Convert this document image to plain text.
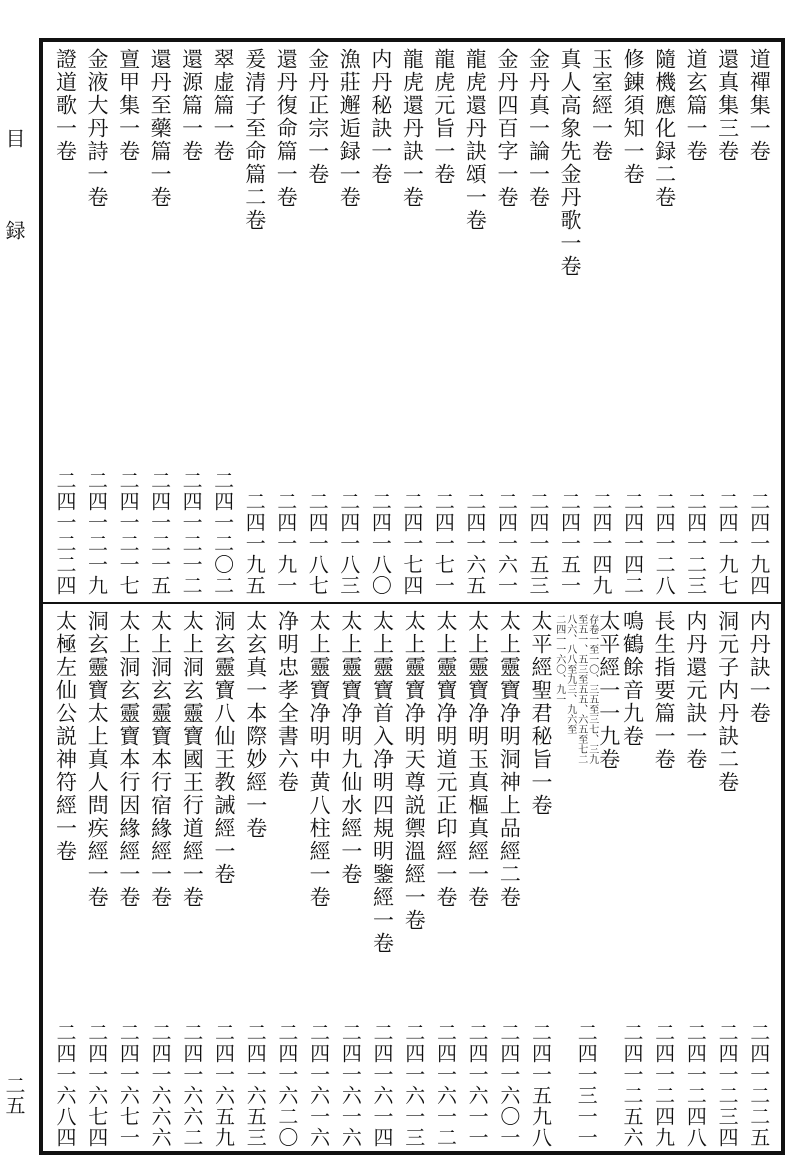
目録
二五
道禪集一卷
二四一九四
還真集三卷
二四一九七
道玄篇一卷
二四一二三
隨機應化録二卷
二四一二八
修錬須知一卷
二四一四二
玉室經一卷
二四一四九
真人高象先金丹歌一卷
二四一五一
金丹真一論一卷
二四一五三
金丹四百字一卷
二四一六一
龍虎還丹訣頌一卷
二四一六五
龍虎元旨一卷
二四一七一
龍虎還丹訣一卷
二四一七四
内丹秘訣一卷
二四一八〇
漁莊邂逅録一卷
二四一八三
金丹正宗一卷
二四一八七
還丹復命篇一卷
二四一九一
爰清子至命篇二卷
二四一九五
翠虚篇一卷
二四一二〇二
還源篇一卷
二四一二一二
還丹至藥篇一卷
二四一二一五
亶甲集一卷
二四一二一七
金液大丹詩一卷
二四一二一九
證道歌一卷
二四一二二四
内丹訣一卷
二四一二二五
洞元子内丹訣二卷
二四一二三四
内丹還元訣一卷
二四一二四八
長生指要篇一卷
二四一二四九
鳴鶴餘音九卷
二四一二五六
太平經一一九卷
存卷一至一〇、三五至三七、三九
至五一、五三至五五、六五至七二
八六、八八至九三、九六至
二四一一六〇、九一
二四一三一一
太平經聖君秘旨一卷
二四一五九八
太上靈寶净明洞神上品經二卷
二四一六〇一
太上靈寶净明玉真樞真經一卷
二四一六一一
太上靈寶净明道元正印經一卷
二四一六一二
太上靈寶净明天尊説禦溫經一卷
二四一六一三
太上靈寶首入净明四規明鑒經一卷
二四一六一四
太上靈寶净明九仙水經一卷
二四一六一六
太上靈寶净明中黄八柱經一卷
二四一六一六
净明忠孝全書六卷
二四一六二〇
太玄真一本際妙經一卷
二四一六五三
洞玄靈寶八仙王教誡經一卷
二四一六五九
太上洞玄靈寶國王行道經一卷
二四一六六二
太上洞玄靈寶本行宿緣經一卷
二四一六六六
太上洞玄靈寶本行因緣經一卷
二四一六七一
洞玄靈寶太上真人問疾經一卷
二四一六七四
太極左仙公説神符經一卷
二四一六八四
